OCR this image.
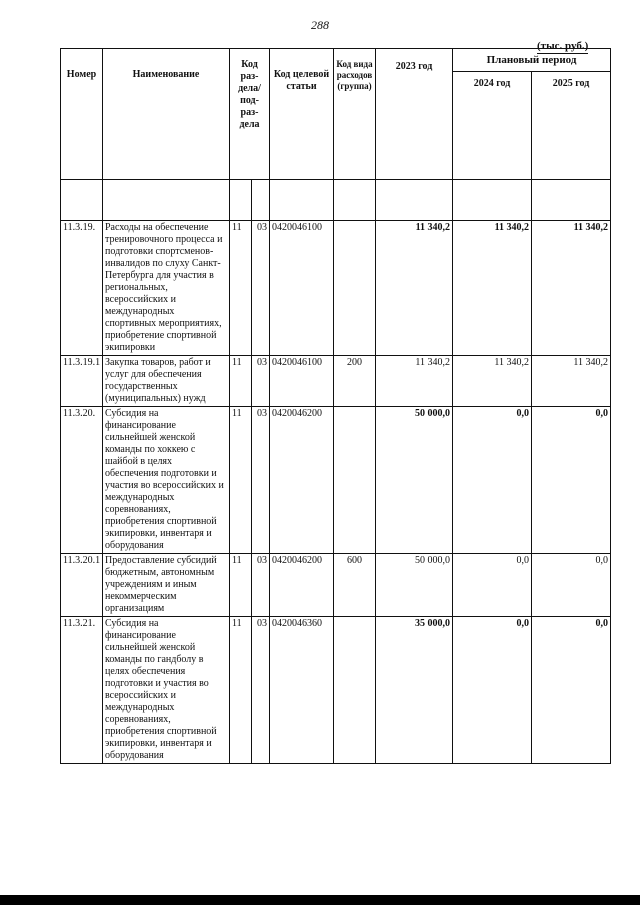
288
(тыс. руб.)
Номер	Наименование	Код раз-дела/ под-раз-дела		Код целевой статьи	Код вида расходов (группа)	2023 год	Плановый период	
							2024 год	2025 год

11.3.19.	Расходы на обеспечение тренировочного процесса и подготовки спортсменов-инвалидов по слуху Санкт-Петербурга для участия в региональных, всероссийских и международных спортивных мероприятиях, приобретение спортивной экипировки	11	03	0420046100		11 340,2	11 340,2	11 340,2
11.3.19.1	Закупка товаров, работ и услуг для обеспечения государственных (муниципальных) нужд	11	03	0420046100	200	11 340,2	11 340,2	11 340,2
11.3.20.	Субсидия на финансирование сильнейшей женской команды по хоккею с шайбой в целях обеспечения подготовки и участия во всероссийских и международных соревнованиях, приобретения спортивной экипировки, инвентаря и оборудования	11	03	0420046200		50 000,0	0,0	0,0
11.3.20.1	Предоставление субсидий бюджетным, автономным учреждениям и иным некоммерческим организациям	11	03	0420046200	600	50 000,0	0,0	0,0
11.3.21.	Субсидия на финансирование сильнейшей женской команды по гандболу в целях обеспечения подготовки и участия во всероссийских и международных соревнованиях, приобретения спортивной экипировки, инвентаря и оборудования	11	03	0420046360		35 000,0	0,0	0,0
